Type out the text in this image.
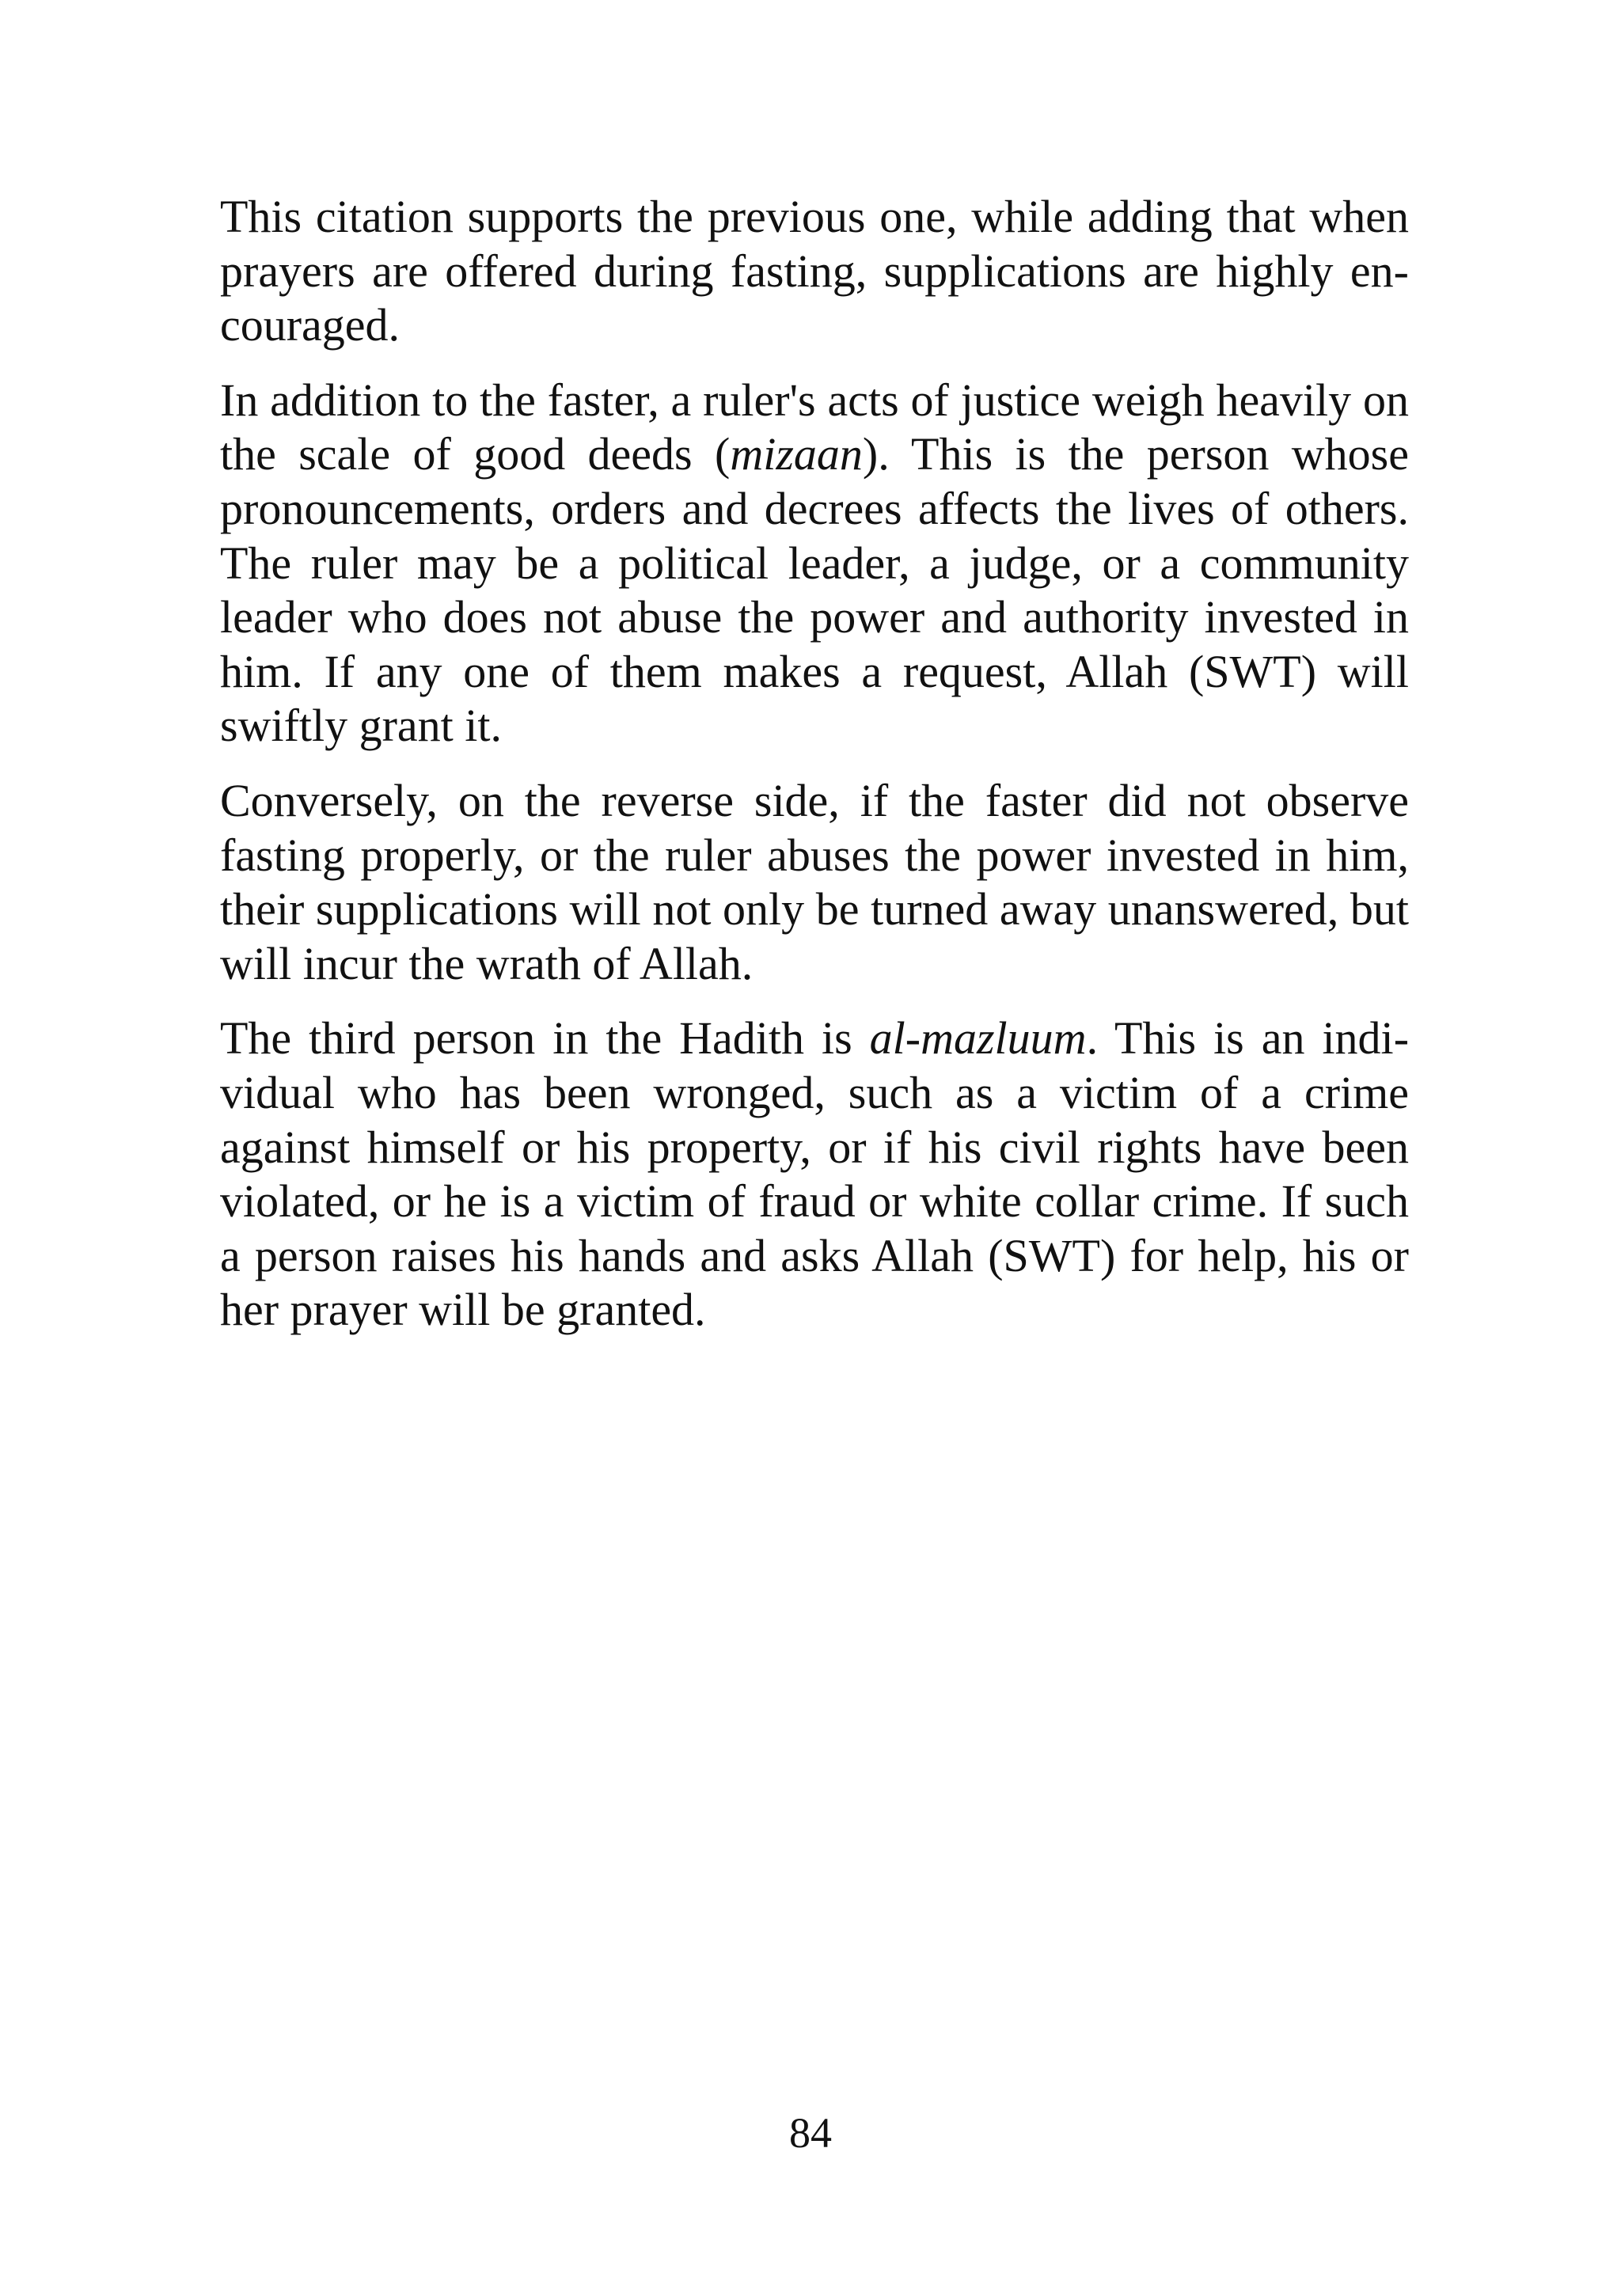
This citation supports the previous one, while adding that when prayers are offered during fasting, supplications are highly encouraged.

In addition to the faster, a ruler's acts of justice weigh heavily on the scale of good deeds (mizaan). This is the person whose pronouncements, orders and decrees affects the lives of others. The ruler may be a political leader, a judge, or a community leader who does not abuse the power and authority invested in him. If any one of them makes a request, Allah (SWT) will swiftly grant it.

Conversely, on the reverse side, if the faster did not observe fasting properly, or the ruler abuses the power invested in him, their supplications will not only be turned away unanswered, but will incur the wrath of Allah.

The third person in the Hadith is al-mazluum. This is an individual who has been wronged, such as a victim of a crime against himself or his property, or if his civil rights have been violated, or he is a victim of fraud or white collar crime. If such a person raises his hands and asks Allah (SWT) for help, his or her prayer will be granted.

84
